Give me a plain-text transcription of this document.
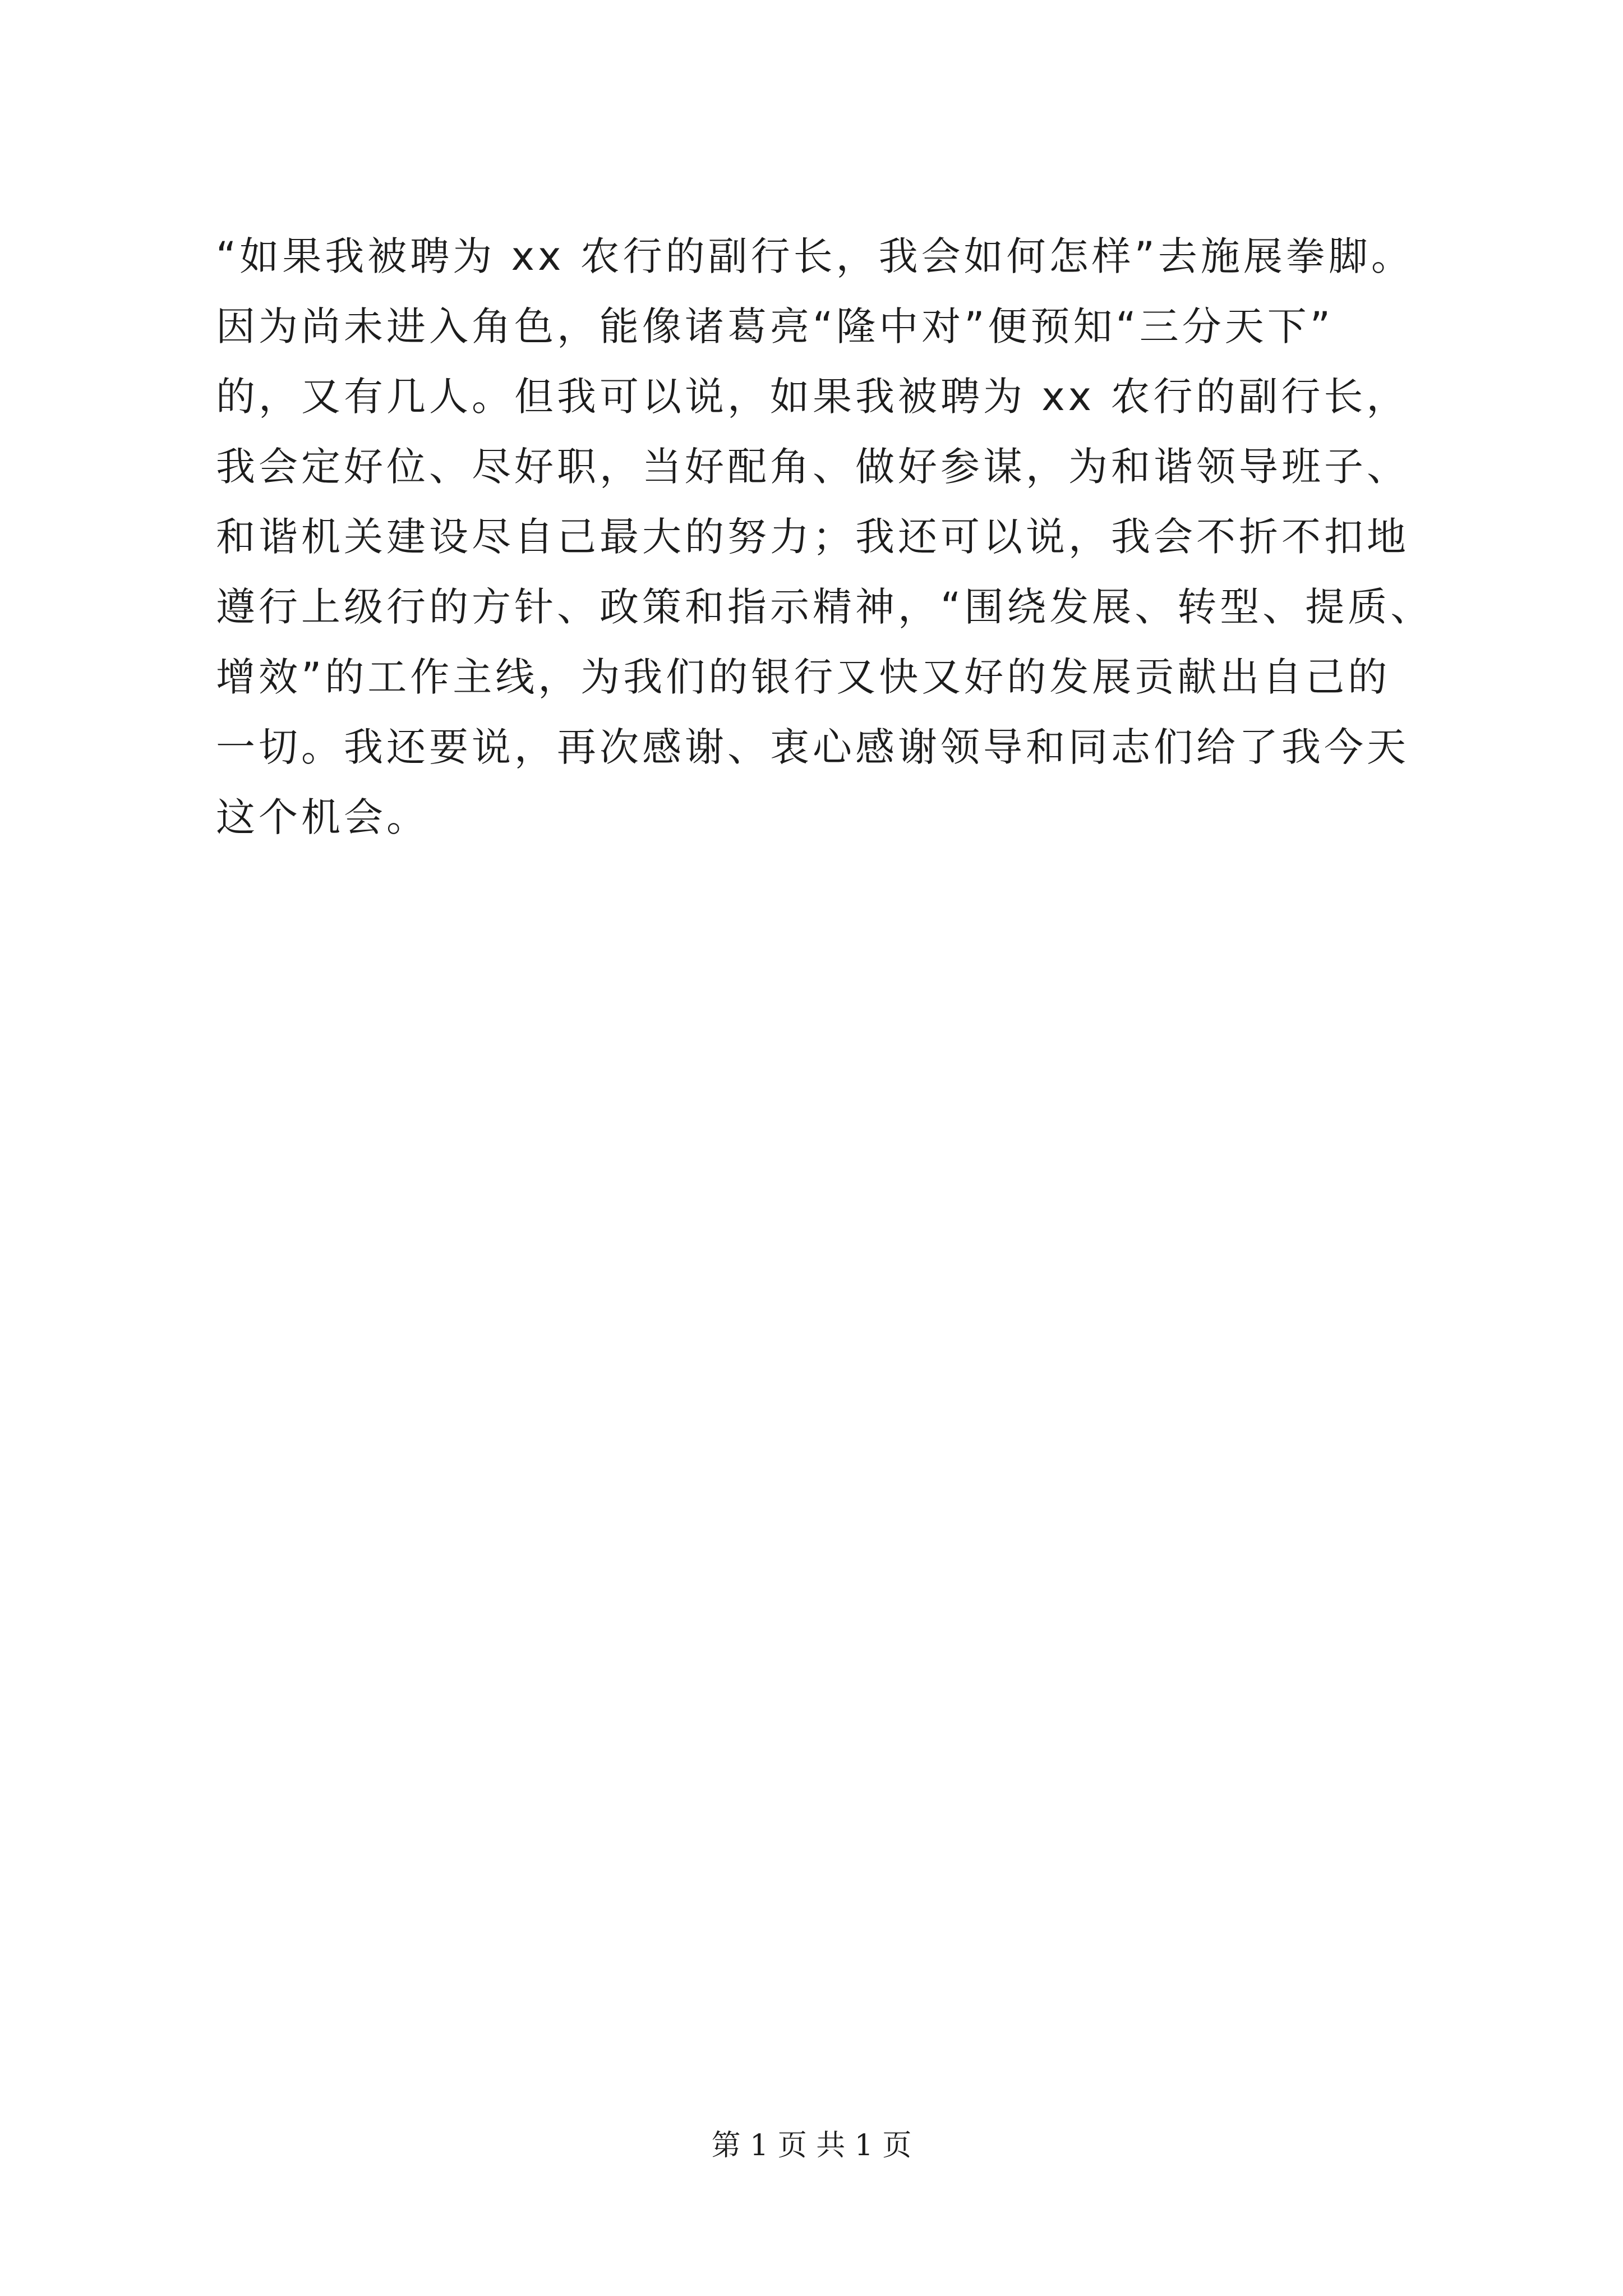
“如果我被聘为 xx 农行的副行长，我会如何怎样”去施展拳脚。
因为尚未进入角色，能像诸葛亮“隆中对”便预知“三分天下”
的，又有几人。但我可以说，如果我被聘为 xx 农行的副行长，
我会定好位、尽好职，当好配角、做好参谋，为和谐领导班子、
和谐机关建设尽自己最大的努力；我还可以说，我会不折不扣地
遵行上级行的方针、政策和指示精神，“围绕发展、转型、提质、
增效”的工作主线，为我们的银行又快又好的发展贡献出自己的
一切。我还要说，再次感谢、衷心感谢领导和同志们给了我今天
这个机会。
第 1 页 共 1 页
